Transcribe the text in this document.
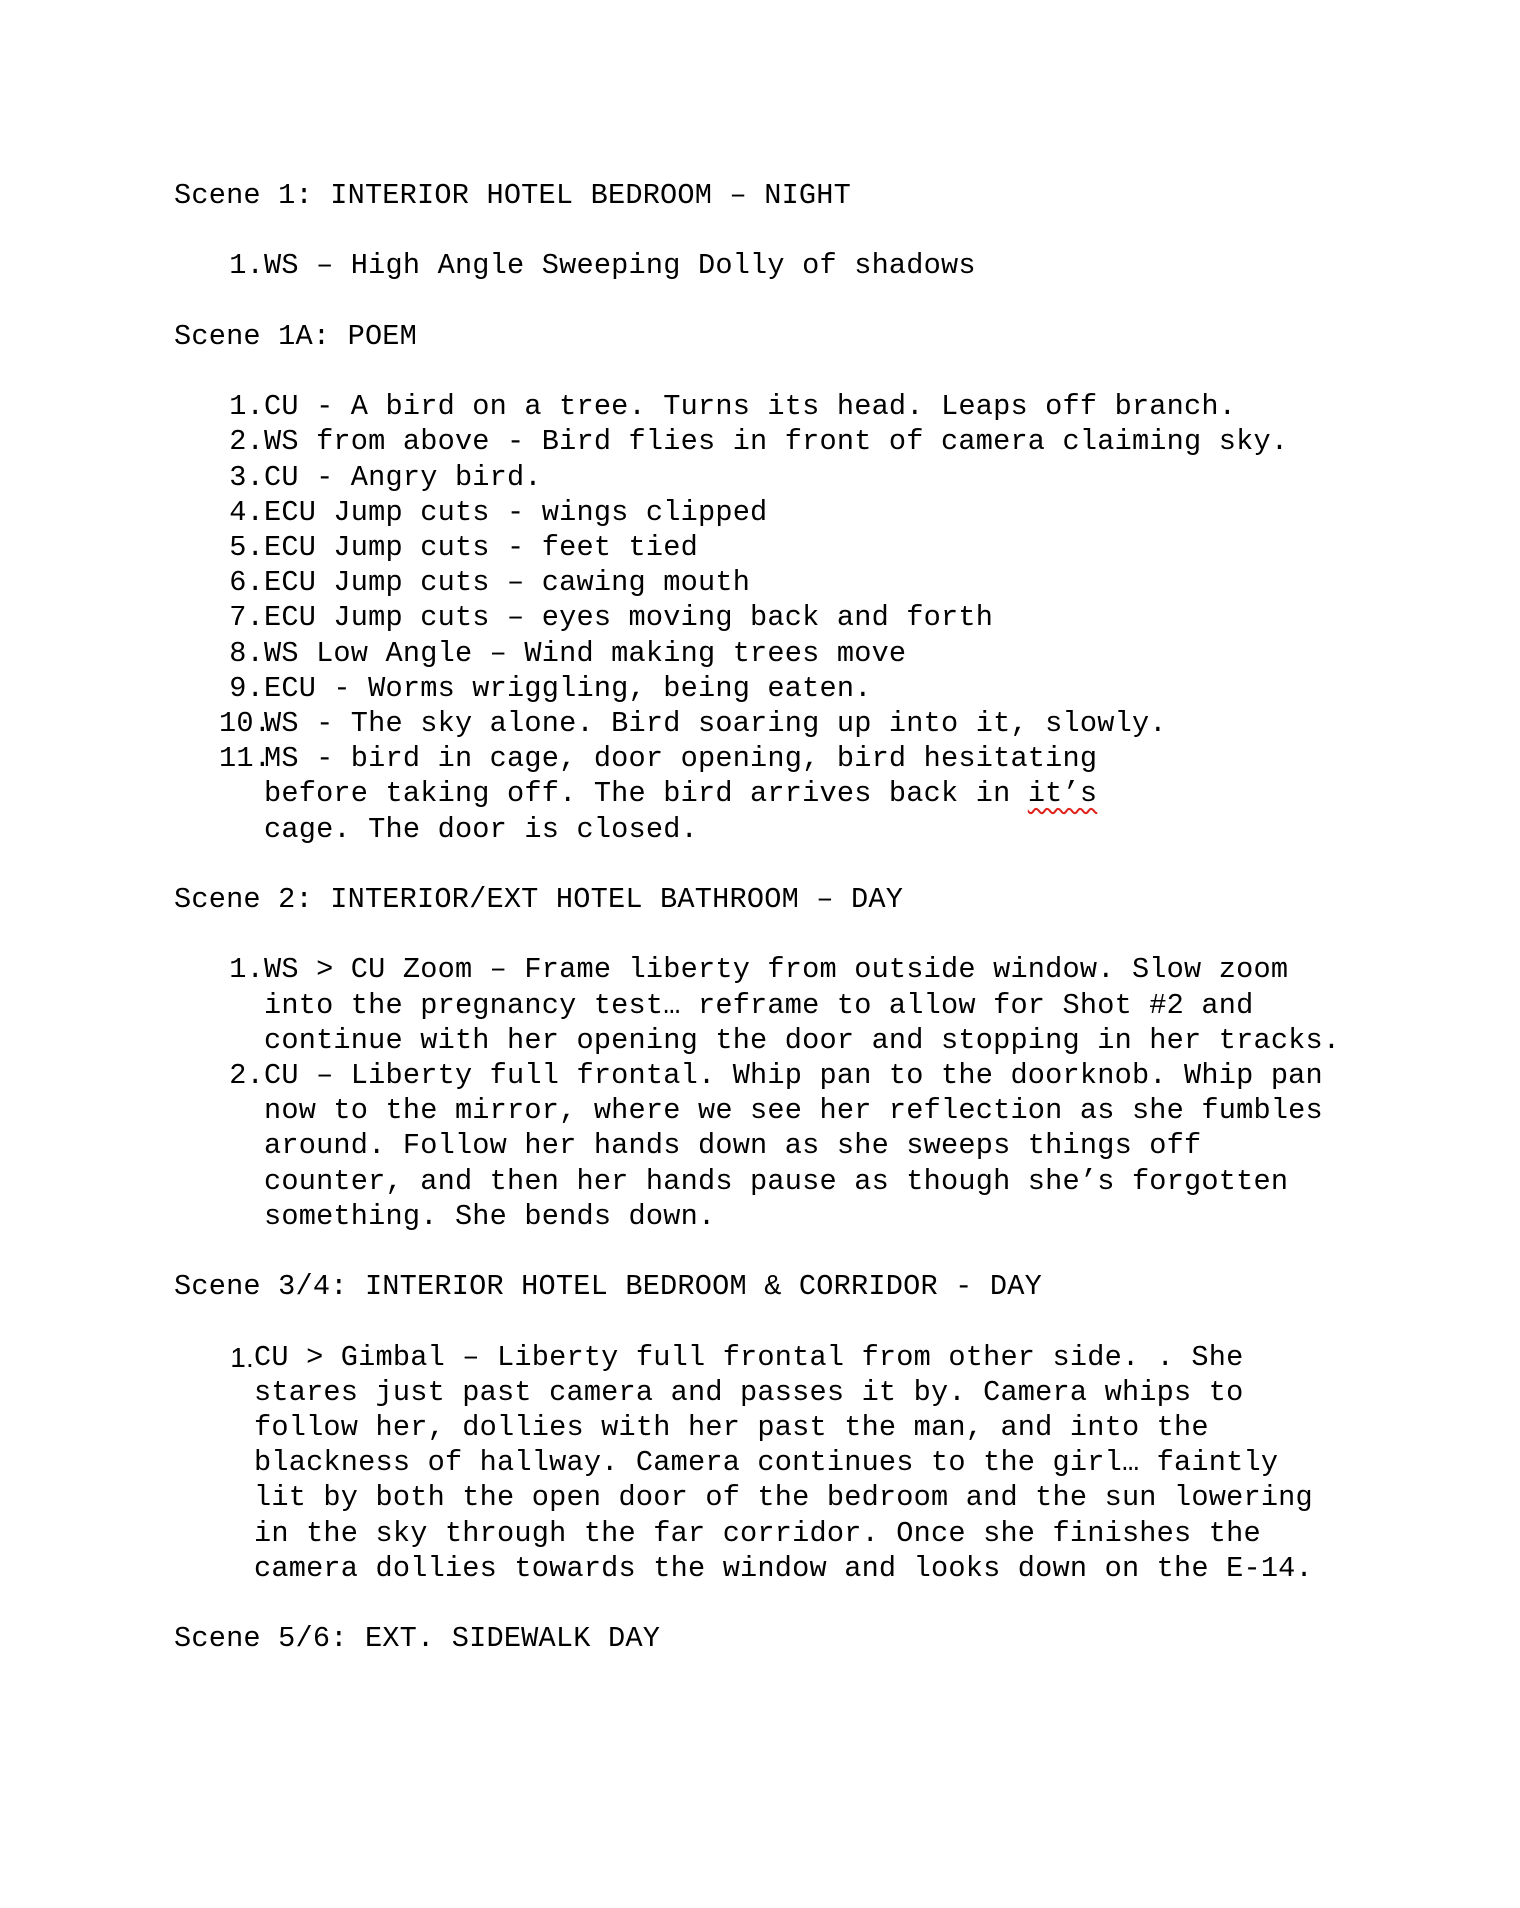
Scene 1: INTERIOR HOTEL BEDROOM – NIGHT

1. WS – High Angle Sweeping Dolly of shadows

Scene 1A: POEM

1. CU - A bird on a tree. Turns its head. Leaps off branch.
2. WS from above - Bird flies in front of camera claiming sky.
3. CU - Angry bird.
4. ECU Jump cuts - wings clipped
5. ECU Jump cuts - feet tied
6. ECU Jump cuts – cawing mouth
7. ECU Jump cuts – eyes moving back and forth
8. WS Low Angle – Wind making trees move
9. ECU - Worms wriggling, being eaten.
10.
WS - The sky alone. Bird soaring up into it, slowly.
11.
MS - bird in cage, door opening, bird hesitating before taking off. The bird arrives back in it’s cage. The door is closed.

Scene 2: INTERIOR/EXT HOTEL BATHROOM – DAY

1. WS > CU Zoom – Frame liberty from outside window. Slow zoom into the pregnancy test… reframe to allow for Shot #2 and continue with her opening the door and stopping in her tracks.
2. CU – Liberty full frontal. Whip pan to the doorknob. Whip pan now to the mirror, where we see her reflection as she fumbles around. Follow her hands down as she sweeps things off counter, and then her hands pause as though she’s forgotten something. She bends down.

Scene 3/4: INTERIOR HOTEL BEDROOM & CORRIDOR - DAY

1. CU > Gimbal – Liberty full frontal from other side. . She stares just past camera and passes it by. Camera whips to follow her, dollies with her past the man, and into the blackness of hallway. Camera continues to the girl… faintly lit by both the open door of the bedroom and the sun lowering in the sky through the far corridor. Once she finishes the camera dollies towards the window and looks down on the E-14.

Scene 5/6: EXT. SIDEWALK DAY
